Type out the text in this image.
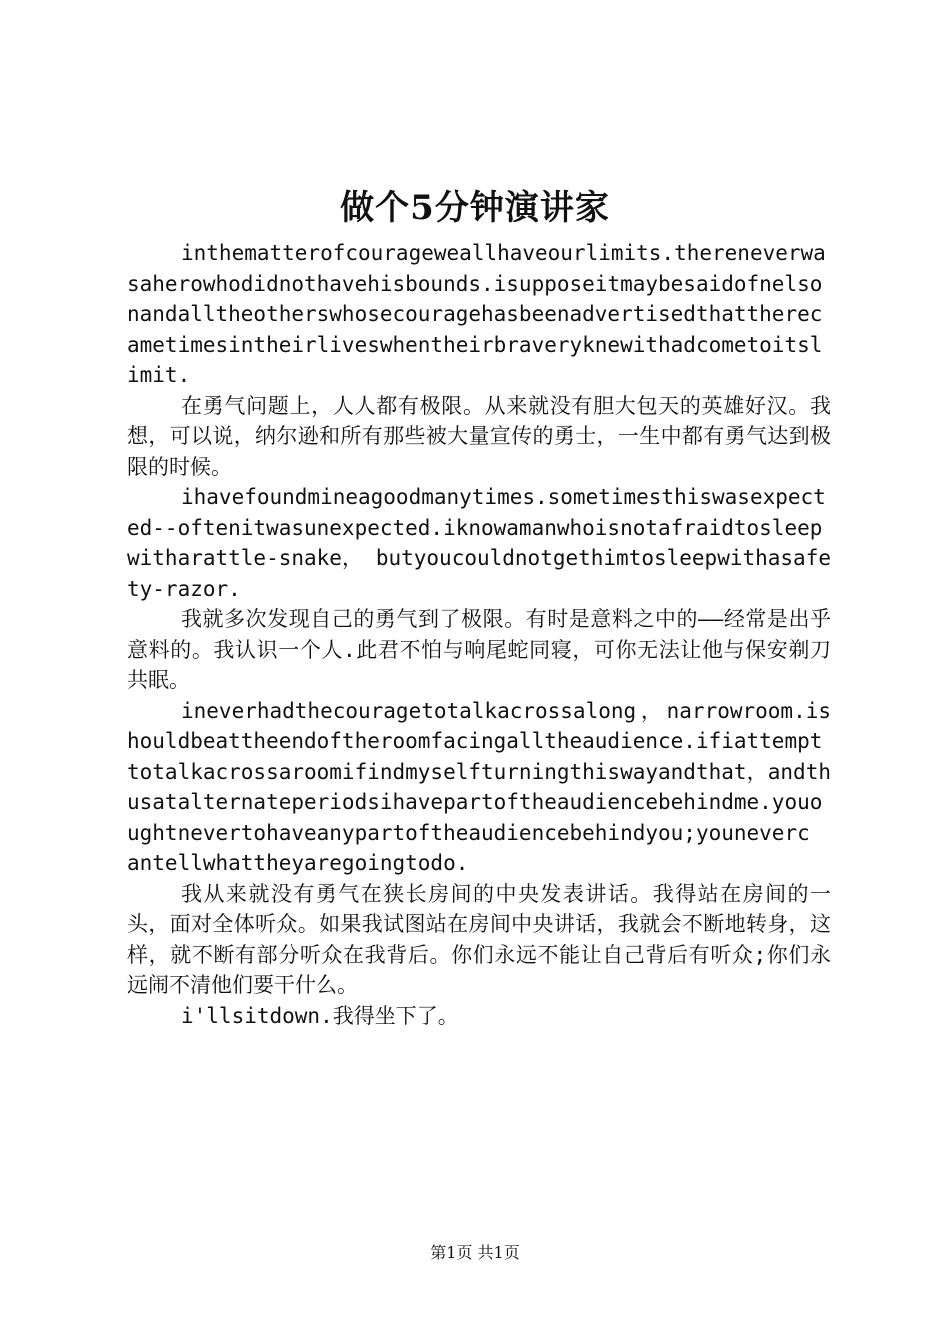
做个5分钟演讲家

inthematterofcourageweallhaveourlimits.thereneverwasaherowhodidnothavehisbounds.isupposeitmaybesaidofnelsonandalltheotherswhosecouragehasbeenadvertisedthattherecametimesintheirliveswhentheirbraveryknewithadcometoitslimit.

在勇气问题上，人人都有极限。从来就没有胆大包天的英雄好汉。我想，可以说，纳尔逊和所有那些被大量宣传的勇士，一生中都有勇气达到极限的时候。

ihavefoundmineagoodmanytimes.sometimesthiswasexpected--oftenitwasunexpected.iknowamanwhoisnotafraidtosleepwitharattle-snake， butyoucouldnotgethimtosleepwithasafety-razor.

我就多次发现自己的勇气到了极限。有时是意料之中的——经常是出乎意料的。我认识一个人.此君不怕与响尾蛇同寝，可你无法让他与保安剃刀共眠。

ineverhadthecouragetotalkacrossalong，narrowroom.ishouldbeattheendoftheroomfacingalltheaudience.ifiattempttotalkacrossaroomifindmyselfturningthiswayandthat，andthusatalternateperiodsihavepartoftheaudiencebehindme.yououghtnevertohaveanypartoftheaudiencebehindyou;youneverc antellwhattheyaregoingtodo.

我从来就没有勇气在狭长房间的中央发表讲话。我得站在房间的一头，面对全体听众。如果我试图站在房间中央讲话，我就会不断地转身，这样，就不断有部分听众在我背后。你们永远不能让自己背后有听众;你们永远闹不清他们要干什么。

i'llsitdown.我得坐下了。

第1页 共1页
